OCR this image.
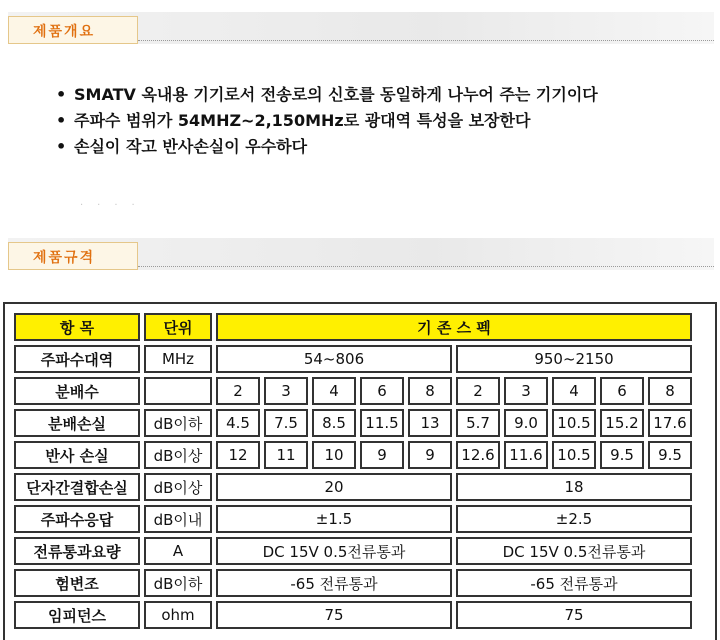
제품개요
• SMATV 옥내용 기기로서 전송로의 신호를 동일하게 나누어 주는 기기이다
• 주파수 범위가 54MHZ~2,150MHz로 광대역 특성을 보장한다
• 손실이 작고 반사손실이 우수하다
····
제품규격
항 목	단위	기 존 스 펙									
주파수대역	MHz	54~806					950~2150				
분배수		2	3	4	6	8	2	3	4	6	8
분배손실	dB이하	4.5	7.5	8.5	11.5	13	5.7	9.0	10.5	15.2	17.6
반사 손실	dB이상	12	11	10	9	9	12.6	11.6	10.5	9.5	9.5
단자간결합손실	dB이상	20					18				
주파수응답	dB이내	±1.5					±2.5				
전류통과요량	A	DC 15V 0.5전류통과					DC 15V 0.5전류통과				
험변조	dB이하	-65 전류통과					-65 전류통과				
임피던스	ohm	75					75				
